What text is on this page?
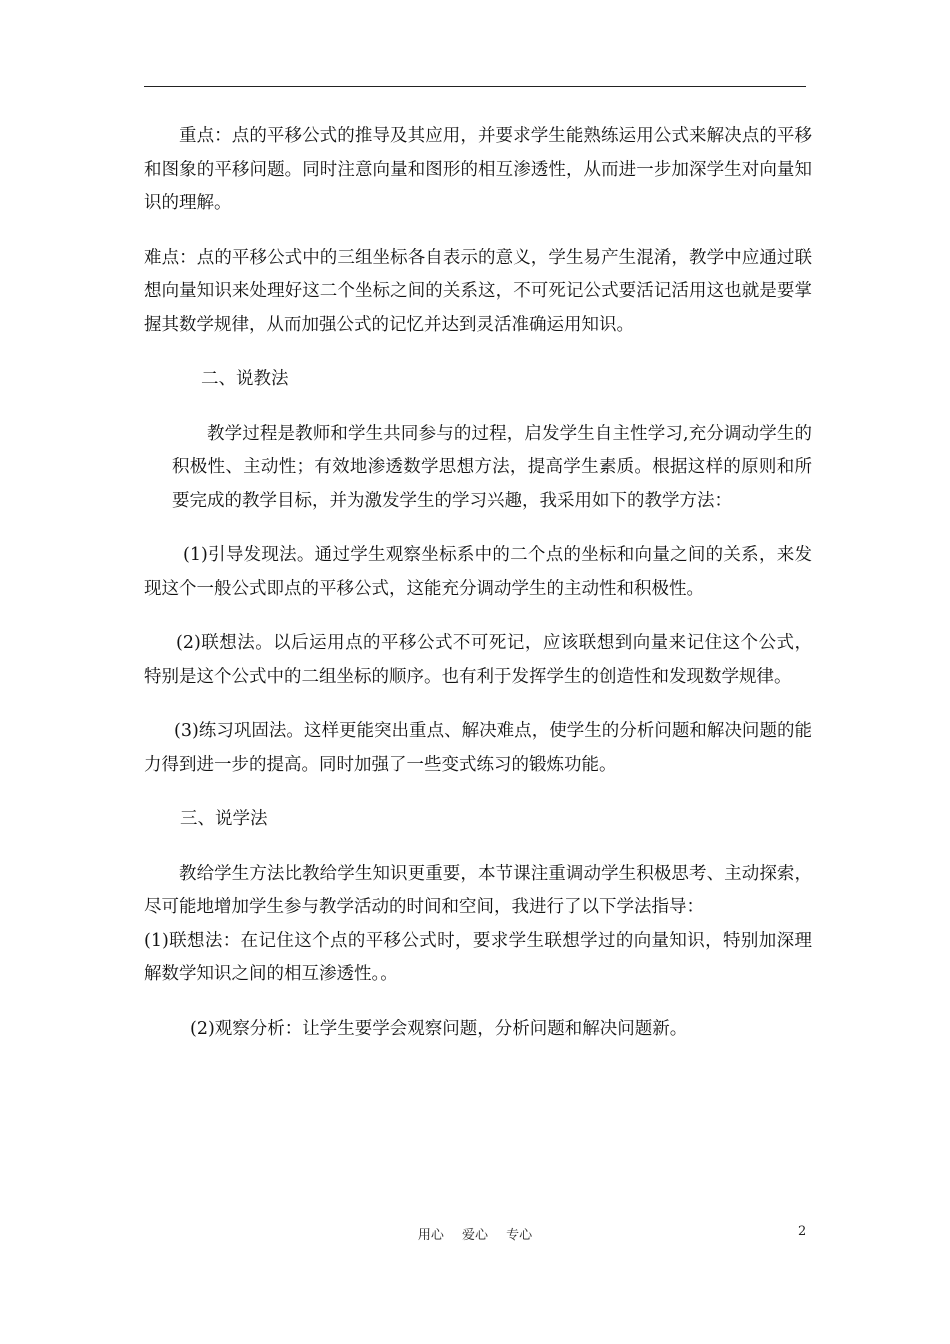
重点：点的平移公式的推导及其应用，并要求学生能熟练运用公式来解决点的平移和图象的平移问题。同时注意向量和图形的相互渗透性，从而进一步加深学生对向量知识的理解。

难点：点的平移公式中的三组坐标各自表示的意义，学生易产生混淆，教学中应通过联想向量知识来处理好这二个坐标之间的关系这，不可死记公式要活记活用这也就是要掌握其数学规律，从而加强公式的记忆并达到灵活准确运用知识。

二、说教法

教学过程是教师和学生共同参与的过程，启发学生自主性学习,充分调动学生的积极性、主动性；有效地渗透数学思想方法，提高学生素质。根据这样的原则和所要完成的教学目标，并为激发学生的学习兴趣，我采用如下的教学方法：

(1)引导发现法。通过学生观察坐标系中的二个点的坐标和向量之间的关系，来发现这个一般公式即点的平移公式，这能充分调动学生的主动性和积极性。

(2)联想法。以后运用点的平移公式不可死记，应该联想到向量来记住这个公式，特别是这个公式中的二组坐标的顺序。也有利于发挥学生的创造性和发现数学规律。

(3)练习巩固法。这样更能突出重点、解决难点，使学生的分析问题和解决问题的能力得到进一步的提高。同时加强了一些变式练习的锻炼功能。

三、说学法

教给学生方法比教给学生知识更重要，本节课注重调动学生积极思考、主动探索，尽可能地增加学生参与教学活动的时间和空间，我进行了以下学法指导：

(1)联想法：在记住这个点的平移公式时，要求学生联想学过的向量知识，特别加深理解数学知识之间的相互渗透性。。

(2)观察分析：让学生要学会观察问题，分析问题和解决问题新。

用心 爱心 专心	2
